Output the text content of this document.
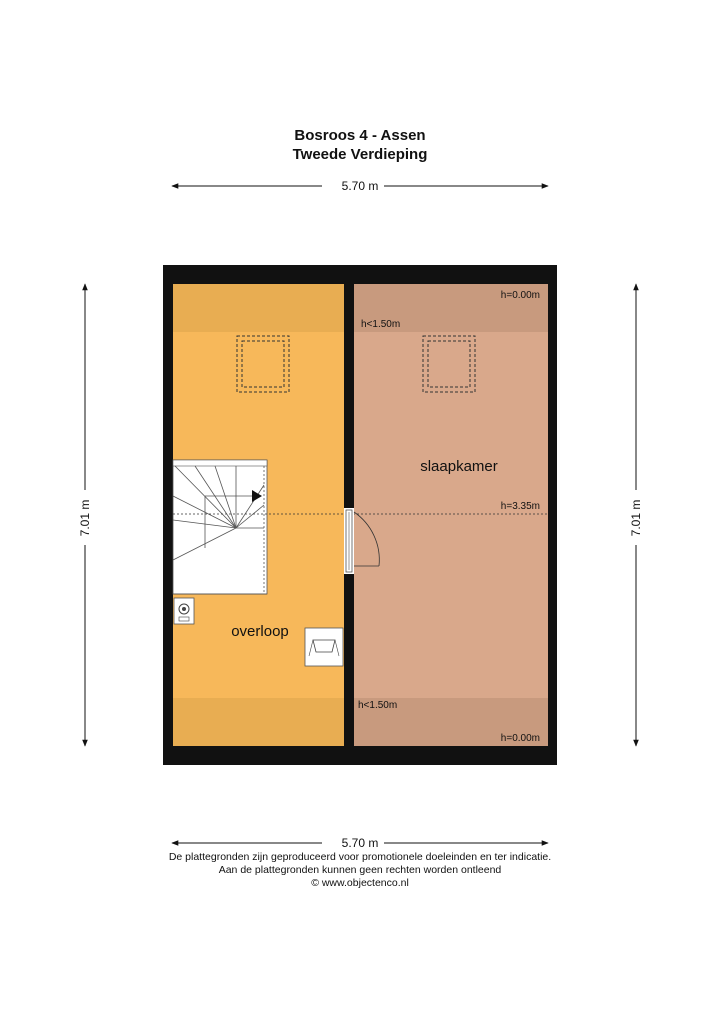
Bosroos 4 - Assen
Tweede Verdieping
5.70 m
5.70 m
7.01 m	7.01 m
overloop
slaapkamer
h=0.00m
h<1.50m
h=3.35m
h<1.50m
h=0.00m
De plattegronden zijn geproduceerd voor promotionele doeleinden en ter indicatie.
Aan de plattegronden kunnen geen rechten worden ontleend
© www.objectenco.nl
